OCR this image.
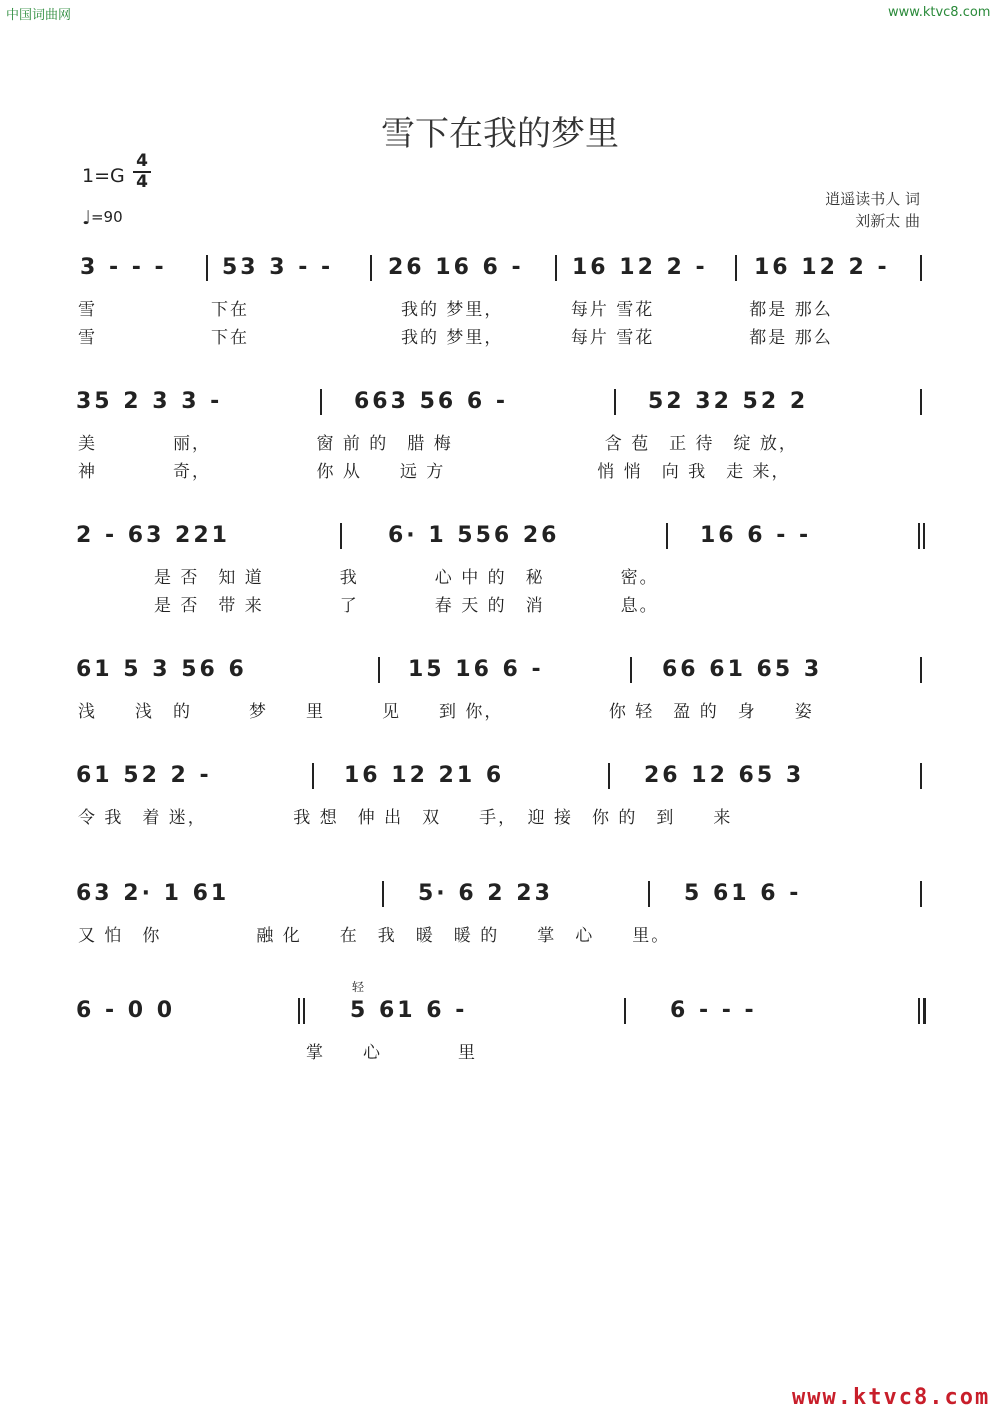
中国词曲网	www.ktvc8.com
雪下在我的梦里
1=G
4
4
♩=90
逍遥读书人 词
刘新太 曲
3 - - -	53 3 - -	26 16 6 -	16 12 2 -	16 12 2 -
雪　　　　　　下在　　　　　　　　我的 梦里，　　　　每片 雪花　　　　　都是 那么
雪　　　　　　下在　　　　　　　　我的 梦里，　　　　每片 雪花　　　　　都是 那么
35 2 3 3 -	663 56 6 -	52 32 52 2
美　　　　丽，　　　　　　窗 前 的　腊 梅　　　　　　　　含 苞　正 待　绽 放，
神　　　　奇，　　　　　　你 从　　远 方　　　　　　　　悄 悄　向 我　走 来，
2 - 63 221	6· 1 556 26	16 6 - -
　　　　是 否　知 道　　　　我　　　　心 中 的　秘　　　　密。
　　　　是 否　带 来　　　　了　　　　春 天 的　消　　　　息。
61 5 3 56 6	15 16 6 -	66 61 65 3
浅　　浅　的　　　梦　　里　　　见　　到 你，　　　　　　你 轻　盈 的　身　　姿
61 52 2 -	16 12 21 6	26 12 65 3
令 我　着 迷，　　　　　我 想　伸 出　双　　手，　迎 接　你 的　到　　来
63 2· 1 61	5· 6 2 23	5 61 6 -
又 怕　你　　　　　融 化　　在　我　暖　暖 的　　掌　心　　里。
轻
6 - 0 0	5 61 6 -	6 - - -
　　　　　　　　　　　　掌　　心　　　　里
www.ktvc8.com
